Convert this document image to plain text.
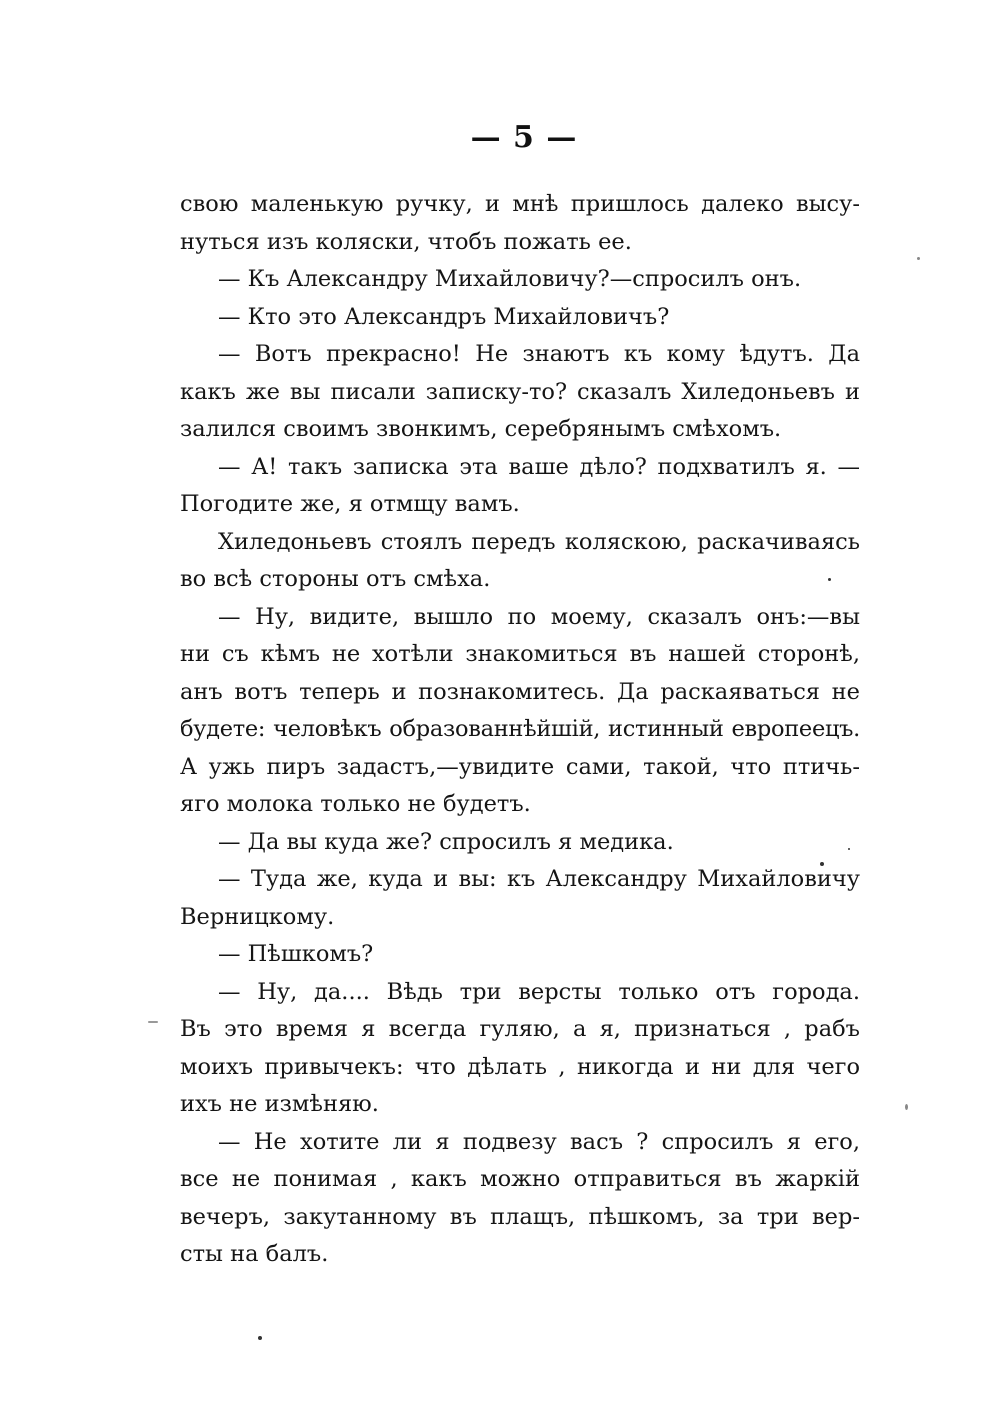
— 5 —
свою маленькую ручку, и мнѣ пришлось далеко высу-
нуться изъ коляски, чтобъ пожать ее.
— Къ Александру Михайловичу?—спросилъ онъ.
— Кто это Александръ Михайловичъ?
— Вотъ прекрасно! Не знаютъ къ кому ѣдутъ. Да
какъ же вы писали записку-то? сказалъ Хиледоньевъ и
залился своимъ звонкимъ, серебрянымъ смѣхомъ.
— А! такъ записка эта ваше дѣло? подхватилъ я. —
Погодите же, я отмщу вамъ.
Хиледоньевъ стоялъ передъ коляскою, раскачиваясь
во всѣ стороны отъ смѣха.
— Ну, видите, вышло по моему, сказалъ онъ:—вы
ни съ кѣмъ не хотѣли знакомиться въ нашей сторонѣ,
анъ вотъ теперь и познакомитесь. Да раскаяваться не
будете: человѣкъ образованнѣйшій, истинный европеецъ.
А ужь пиръ задастъ,—увидите сами, такой, что птичь-
яго молока только не будетъ.
— Да вы куда же? спросилъ я медика.
— Туда же, куда и вы: къ Александру Михайловичу
Верницкому.
— Пѣшкомъ?
— Ну, да.... Вѣдь три версты только отъ города.
Въ это время я всегда гуляю, а я, признаться , рабъ
моихъ привычекъ: что дѣлать , никогда и ни для чего
ихъ не измѣняю.
— Не хотите ли я подвезу васъ ? спросилъ я его,
все не понимая , какъ можно отправиться въ жаркій
вечеръ, закутанному въ плащъ, пѣшкомъ, за три вер-
сты на балъ.
